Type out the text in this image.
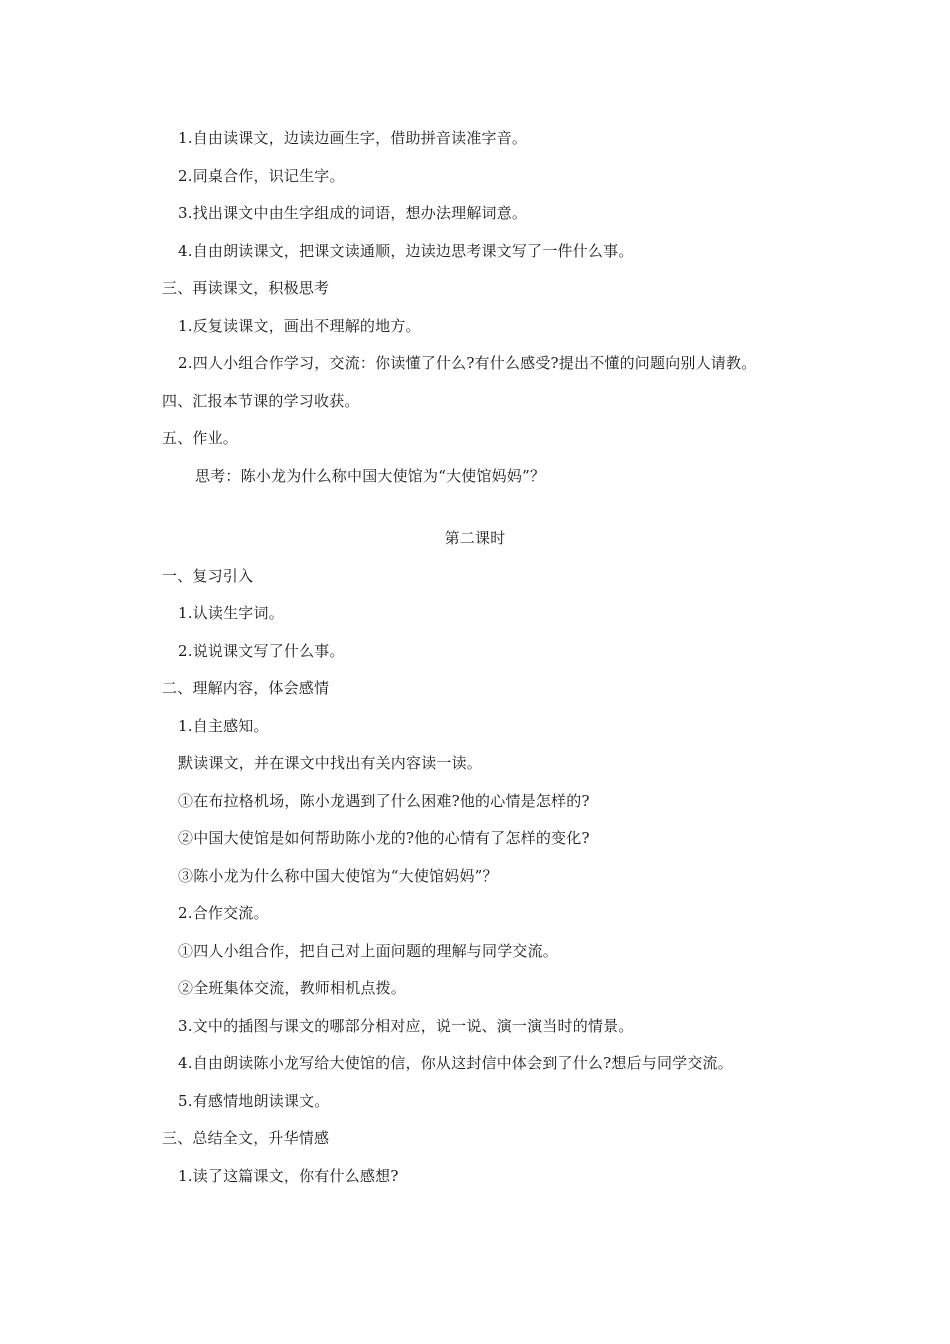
1.自由读课文，边读边画生字，借助拼音读准字音。
2.同桌合作，识记生字。
3.找出课文中由生字组成的词语，想办法理解词意。
4.自由朗读课文，把课文读通顺，边读边思考课文写了一件什么事。
三、再读课文，积极思考
1.反复读课文，画出不理解的地方。
2.四人小组合作学习，交流：你读懂了什么?有什么感受?提出不懂的问题向别人请教。
四、汇报本节课的学习收获。
五、作业。
思考：陈小龙为什么称中国大使馆为“大使馆妈妈”？
第二课时
一、复习引入
1.认读生字词。
2.说说课文写了什么事。
二、理解内容，体会感情
1.自主感知。
默读课文，并在课文中找出有关内容读一读。
①在布拉格机场，陈小龙遇到了什么困难?他的心情是怎样的?
②中国大使馆是如何帮助陈小龙的?他的心情有了怎样的变化?
③陈小龙为什么称中国大使馆为“大使馆妈妈”？
2.合作交流。
①四人小组合作，把自己对上面问题的理解与同学交流。
②全班集体交流，教师相机点拨。
3.文中的插图与课文的哪部分相对应，说一说、演一演当时的情景。
4.自由朗读陈小龙写给大使馆的信，你从这封信中体会到了什么?想后与同学交流。
5.有感情地朗读课文。
三、总结全文，升华情感
1.读了这篇课文，你有什么感想?
